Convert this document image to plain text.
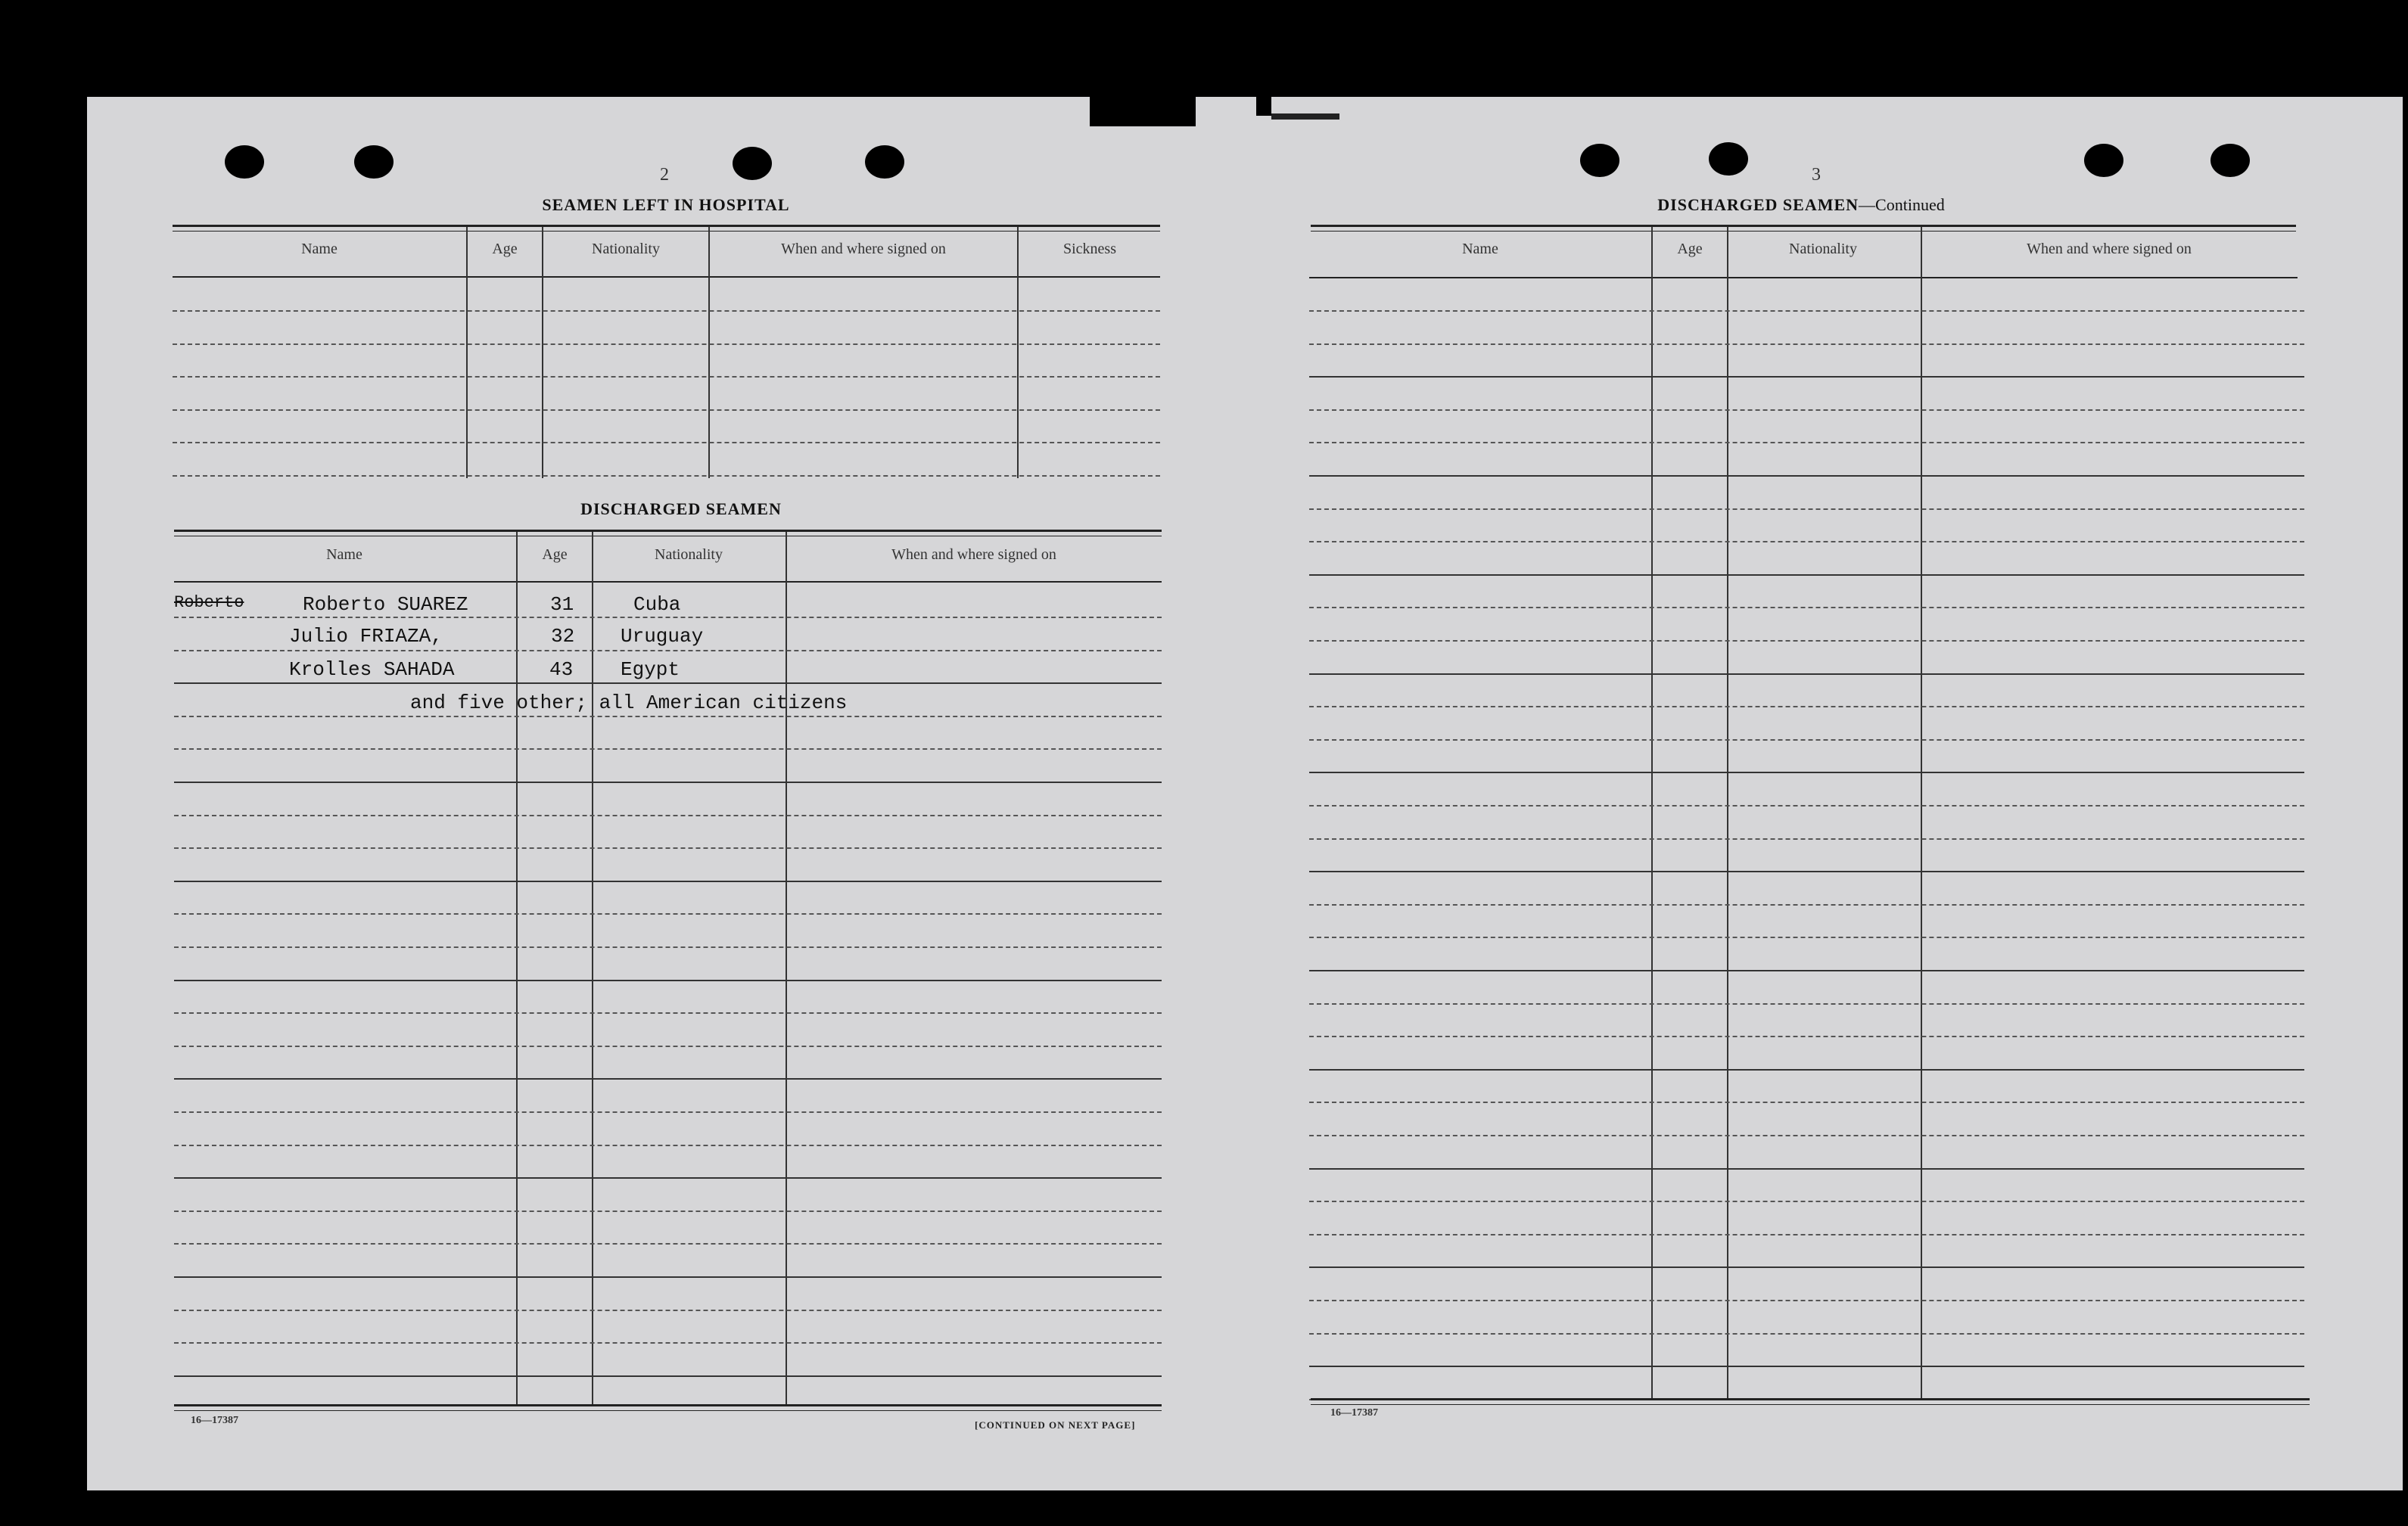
2
SEAMEN LEFT IN HOSPITAL
Name	Age	Nationality	When and where signed on	Sickness
DISCHARGED SEAMEN
Name	Age	Nationality	When and where signed on
Roberto	Roberto SUAREZ	31	Cuba
Julio FRIAZA,	32 Uruguay
Krolles SAHADA	43 Egypt
and five other; all American citizens
16—17387	[CONTINUED ON NEXT PAGE]
3
DISCHARGED SEAMEN—Continued
Name	Age	Nationality	When and where signed on
16—17387
